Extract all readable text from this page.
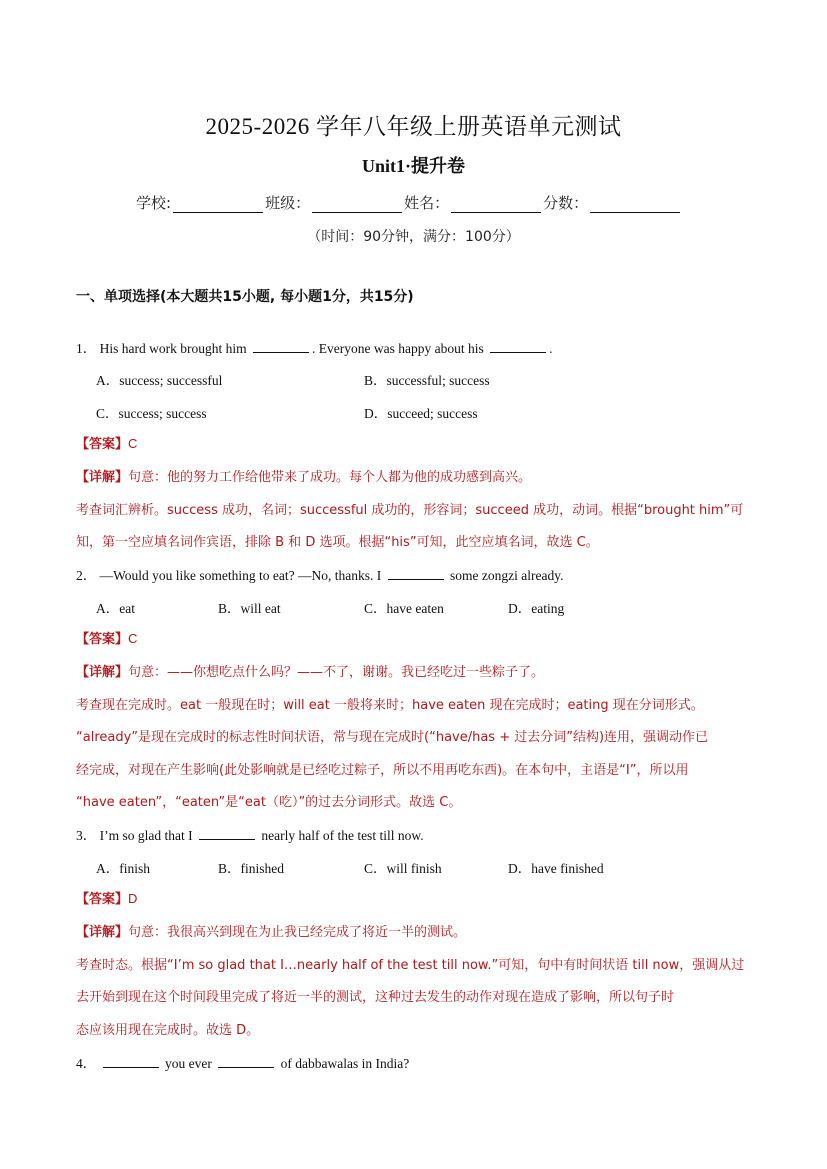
2025-2026 学年八年级上册英语单元测试
Unit1·提升卷
学校:	班级：	姓名：	分数：
（时间：90分钟，满分：100分）
一、单项选择(本大题共15小题, 每小题1分，共15分)
1． His hard work brought him	. Everyone was happy about his	.
A．success; successful	B．successful; success
C．success; success	D．succeed; success
【答案】C
【详解】句意：他的努力工作给他带来了成功。每个人都为他的成功感到高兴。
考查词汇辨析。success 成功，名词；successful 成功的，形容词；succeed 成功，动词。根据“brought him”可
知，第一空应填名词作宾语，排除 B 和 D 选项。根据“his”可知，此空应填名词，故选 C。
2． —Would you like something to eat? —No, thanks. I	some zongzi already.
A．eat	B．will eat	C．have eaten	D．eating
【答案】C
【详解】句意：——你想吃点什么吗？——不了，谢谢。我已经吃过一些粽子了。
考查现在完成时。eat 一般现在时；will eat 一般将来时；have eaten 现在完成时；eating 现在分词形式。
“already”是现在完成时的标志性时间状语，常与现在完成时(“have/has + 过去分词”结构)连用，强调动作已
经完成，对现在产生影响(此处影响就是已经吃过粽子，所以不用再吃东西)。在本句中，主语是“I”，所以用
“have eaten”，“eaten”是“eat（吃）”的过去分词形式。故选 C。
3． I’m so glad that I	nearly half of the test till now.
A．finish	B．finished	C．will finish	D．have finished
【答案】D
【详解】句意：我很高兴到现在为止我已经完成了将近一半的测试。
考查时态。根据“I’m so glad that I…nearly half of the test till now.”可知，句中有时间状语 till now，强调从过
去开始到现在这个时间段里完成了将近一半的测试，这种过去发生的动作对现在造成了影响，所以句子时
态应该用现在完成时。故选 D。
4．	you ever	of dabbawalas in India?
